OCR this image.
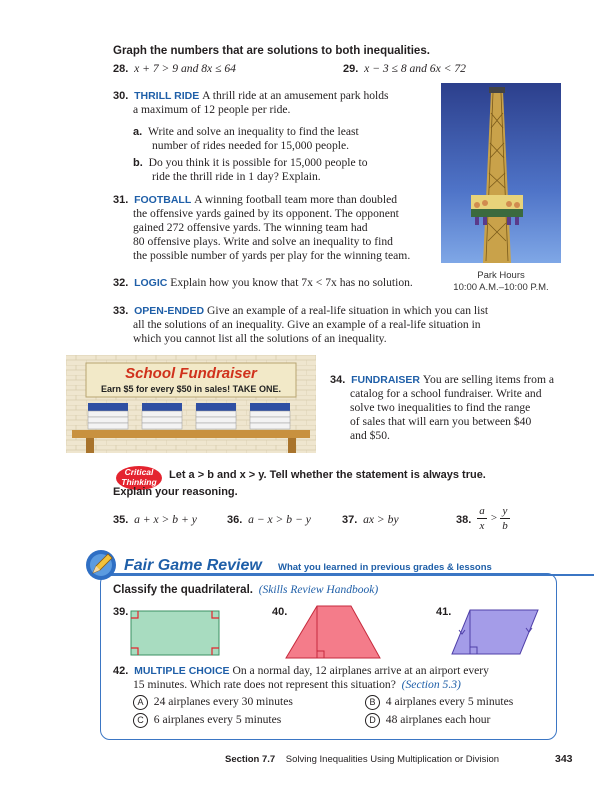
Graph the numbers that are solutions to both inequalities.
28. x + 7 > 9 and 8x ≤ 64	29. x − 3 ≤ 8 and 6x < 72
30. THRILL RIDE A thrill ride at an amusement park holds
a maximum of 12 people per ride.
a. Write and solve an inequality to find the least
number of rides needed for 15,000 people.
b. Do you think it is possible for 15,000 people to
ride the thrill ride in 1 day? Explain.
31. FOOTBALL A winning football team more than doubled
the offensive yards gained by its opponent. The opponent
gained 272 offensive yards. The winning team had
80 offensive plays. Write and solve an inequality to find
the possible number of yards per play for the winning team.
32. LOGIC Explain how you know that 7x < 7x has no solution.
Park Hours
10:00 A.M.–10:00 P.M.
33. OPEN-ENDED Give an example of a real-life situation in which you can list
all the solutions of an inequality. Give an example of a real-life situation in
which you cannot list all the solutions of an inequality.
School Fundraiser
Earn $5 for every $50 in sales! TAKE ONE.
34. FUNDRAISER You are selling items from a
catalog for a school fundraiser. Write and
solve two inequalities to find the range
of sales that will earn you between $40
and $50.
Critical
Thinking
Let a > b and x > y. Tell whether the statement is always true.
Explain your reasoning.
35. a + x > b + y	36. a − x > b − y	37. ax > by	38.
a
x
>
y
b
Fair Game Review What you learned in previous grades & lessons
Classify the quadrilateral. (Skills Review Handbook)
39.	40.	41.
42. MULTIPLE CHOICE On a normal day, 12 airplanes arrive at an airport every
15 minutes. Which rate does not represent this situation? (Section 5.3)
A 24 airplanes every 30 minutes	B 4 airplanes every 5 minutes
C 6 airplanes every 5 minutes	D 48 airplanes each hour
Section 7.7 Solving Inequalities Using Multiplication or Division	343
